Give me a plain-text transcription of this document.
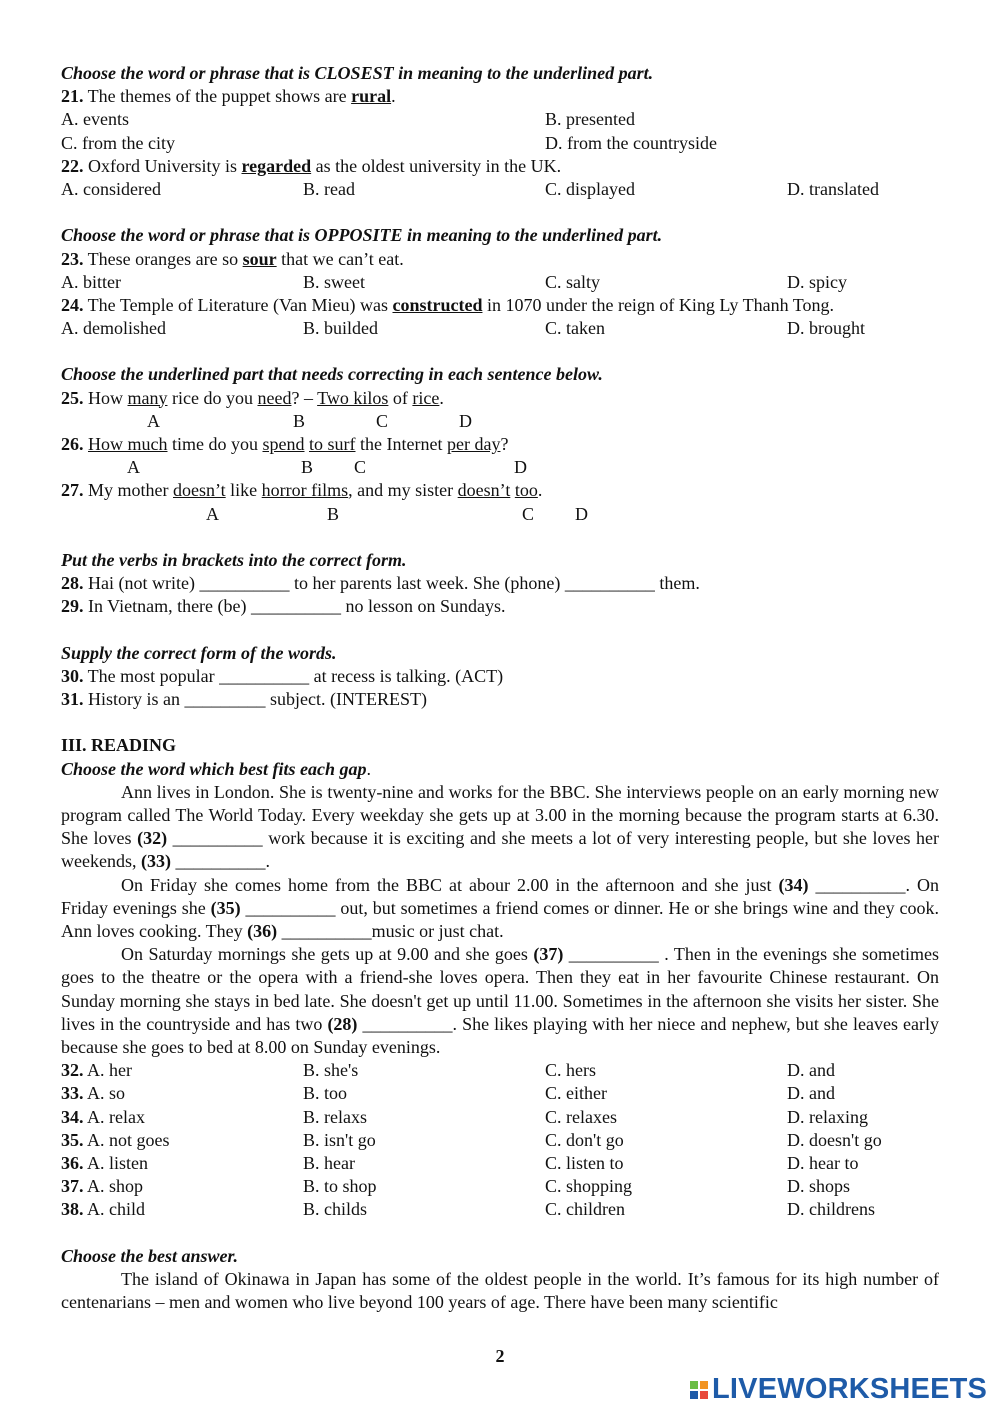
Choose the word or phrase that is CLOSEST in meaning to the underlined part.
21. The themes of the puppet shows are rural.
A. events	B. presented
C. from the city	D. from the countryside
22. Oxford University is regarded as the oldest university in the UK.
A. considered	B. read	C. displayed	D. translated
Choose the word or phrase that is OPPOSITE in meaning to the underlined part.
23. These oranges are so sour that we can’t eat.
A. bitter	B. sweet	C. salty	D. spicy
24. The Temple of Literature (Van Mieu) was constructed in 1070 under the reign of King Ly Thanh Tong.
A. demolished	B. builded	C. taken	D. brought
Choose the underlined part that needs correcting in each sentence below.
25. How many rice do you need? – Two kilos of rice.
A	B	C	D
26. How much time do you spend to surf the Internet per day?
A	B C	D
27. My mother doesn’t like horror films, and my sister doesn’t too.
A	B	C D
Put the verbs in brackets into the correct form.
28. Hai (not write) __________ to her parents last week. She (phone) __________ them.
29. In Vietnam, there (be) __________ no lesson on Sundays.
Supply the correct form of the words.
30. The most popular __________ at recess is talking. (ACT)
31. History is an _________ subject. (INTEREST)
III. READING
Choose the word which best fits each gap.

Ann lives in London. She is twenty-nine and works for the BBC. She interviews people on an early morning new program called The World Today. Every weekday she gets up at 3.00 in the morning because the program starts at 6.30. She loves (32) __________ work because it is exciting and she meets a lot of very interesting people, but she loves her weekends, (33) __________.

On Friday she comes home from the BBC at abour 2.00 in the afternoon and she just (34) __________. On Friday evenings she (35) __________ out, but sometimes a friend comes or dinner. He or she brings wine and they cook. Ann loves cooking. They (36) __________music or just chat.

On Saturday mornings she gets up at 9.00 and she goes (37) __________ . Then in the evenings she sometimes goes to the theatre or the opera with a friend-she loves opera. Then they eat in her favourite Chinese restaurant. On Sunday morning she stays in bed late. She doesn't get up until 11.00. Sometimes in the afternoon she visits her sister. She lives in the countryside and has two (28) __________. She likes playing with her niece and nephew, but she leaves early because she goes to bed at 8.00 on Sunday evenings.

32. A. her	B. she's	C. hers	D. and
33. A. so	B. too	C. either	D. and
34. A. relax	B. relaxs	C. relaxes	D. relaxing
35. A. not goes	B. isn't go	C. don't go	D. doesn't go
36. A. listen	B. hear	C. listen to	D. hear to
37. A. shop	B. to shop	C. shopping	D. shops
38. A. child	B. childs	C. children	D. childrens
Choose the best answer.

The island of Okinawa in Japan has some of the oldest people in the world. It’s famous for its high number of centenarians – men and women who live beyond 100 years of age. There have been many scientific

2
LIVEWORKSHEETS
